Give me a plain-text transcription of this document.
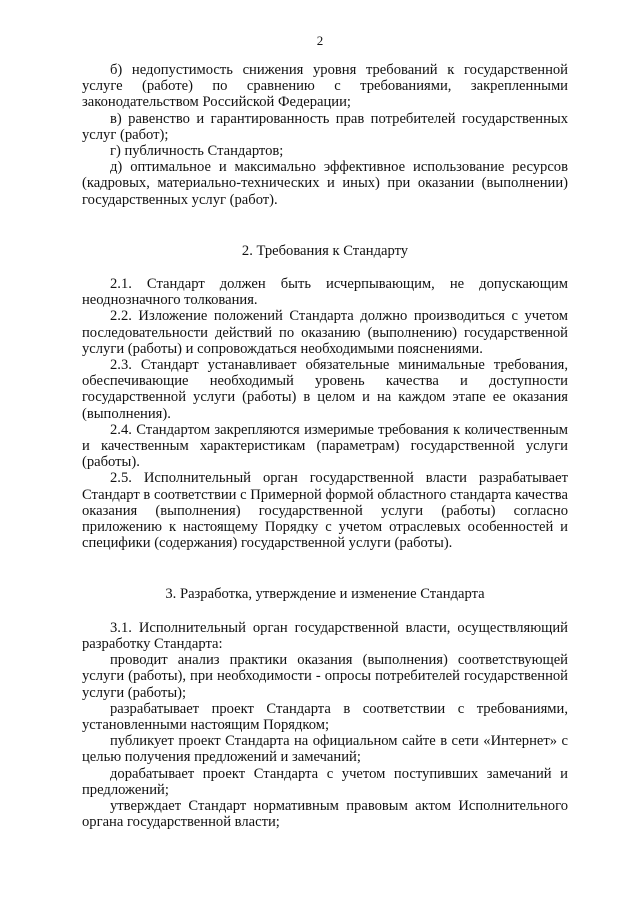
2

б) недопустимость снижения уровня требований к государственной услуге (работе) по сравнению с требованиями, закрепленными законодательством Российской Федерации;

в) равенство и гарантированность прав потребителей государственных услуг (работ);

г) публичность Стандартов;

д) оптимальное и максимально эффективное использование ресурсов (кадровых, материально-технических и иных) при оказании (выполнении) государственных услуг (работ).

2. Требования к Стандарту

2.1. Стандарт должен быть исчерпывающим, не допускающим неоднозначного толкования.

2.2. Изложение положений Стандарта должно производиться с учетом последовательности действий по оказанию (выполнению) государственной услуги (работы) и сопровождаться необходимыми пояснениями.

2.3. Стандарт устанавливает обязательные минимальные требования, обеспечивающие необходимый уровень качества и доступности государственной услуги (работы) в целом и на каждом этапе ее оказания (выполнения).

2.4. Стандартом закрепляются измеримые требования к количественным и качественным характеристикам (параметрам) государственной услуги (работы).

2.5. Исполнительный орган государственной власти разрабатывает Стандарт в соответствии с Примерной формой областного стандарта качества оказания (выполнения) государственной услуги (работы) согласно приложению к настоящему Порядку с учетом отраслевых особенностей и специфики (содержания) государственной услуги (работы).

3. Разработка, утверждение и изменение Стандарта

3.1. Исполнительный орган государственной власти, осуществляющий разработку Стандарта:

проводит анализ практики оказания (выполнения) соответствующей услуги (работы), при необходимости - опросы потребителей государственной услуги (работы);

разрабатывает проект Стандарта в соответствии с требованиями, установленными настоящим Порядком;

публикует проект Стандарта на официальном сайте в сети «Интернет» с целью получения предложений и замечаний;

дорабатывает проект Стандарта с учетом поступивших замечаний и предложений;

утверждает Стандарт нормативным правовым актом Исполнительного органа государственной власти;
